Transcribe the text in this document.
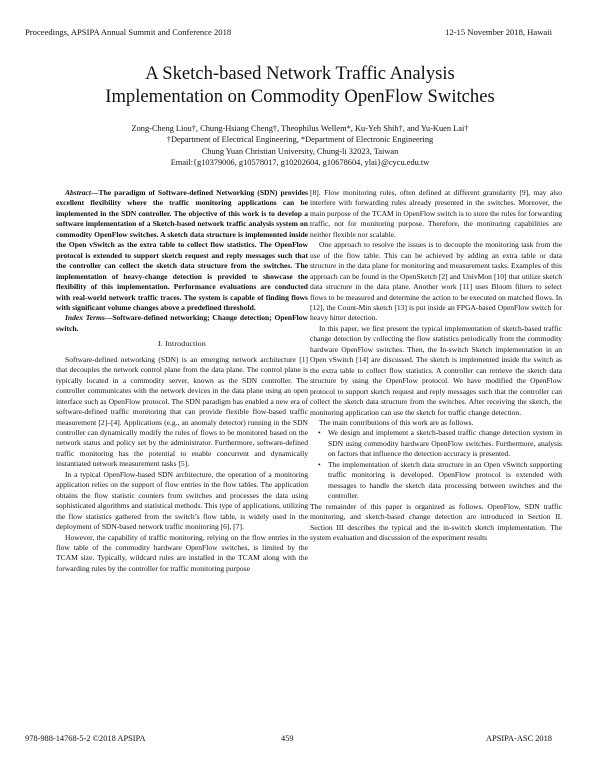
Proceedings, APSIPA Annual Summit and Conference 2018	12-15 November 2018, Hawaii
A Sketch-based Network Traffic Analysis
Implementation on Commodity OpenFlow Switches
Zong-Cheng Liou†, Chung-Hsiang Cheng†, Theophilus Wellem*, Ku-Yeh Shih†, and Yu-Kuen Lai†
†Department of Electrical Engineering, *Department of Electronic Engineering
Chung Yuan Christian University, Chung-li 32023, Taiwan
Email:{g10379006, g10578017, g10202604, g10678604, ylai}@cycu.edu.tw

Abstract—The paradigm of Software-defined Networking (SDN) provides excellent flexibility where the traffic monitoring applications can be implemented in the SDN controller. The objective of this work is to develop a software implementation of a Sketch-based network traffic analysis system on commodity OpenFlow switches. A sketch data structure is implemented inside the Open vSwitch as the extra table to collect flow statistics. The OpenFlow protocol is extended to support sketch request and reply messages such that the controller can collect the sketch data structure from the switches. The implementation of heavy-change detection is provided to showcase the flexibility of this implementation. Performance evaluations are conducted with real-world network traffic traces. The system is capable of finding flows with significant volume changes above a predefined threshold.

Index Terms—Software-defined networking; Change detection; OpenFlow switch.

I. Introduction

Software-defined networking (SDN) is an emerging network architecture [1] that decouples the network control plane from the data plane. The control plane is typically located in a commodity server, known as the SDN controller. The controller communicates with the network devices in the data plane using an open interface such as OpenFlow protocol. The SDN paradigm has enabled a new era of software-defined traffic monitoring that can provide flexible flow-based traffic measurement [2]–[4]. Applications (e.g., an anomaly detector) running in the SDN controller can dynamically modify the rules of flows to be monitored based on the network status and policy set by the administrator. Furthermore, software-defined traffic monitoring has the potential to enable concurrent and dynamically instantiated network measurement tasks [5].

In a typical OpenFlow-based SDN architecture, the operation of a monitoring application relies on the support of flow entries in the flow tables. The application obtains the flow statistic counters from switches and processes the data using sophisticated algorithms and statistical methods. This type of applications, utilizing the flow statistics gathered from the switch’s flow table, is widely used in the deployment of SDN-based network traffic monitoring [6], [7].

However, the capability of traffic monitoring, relying on the flow entries in the flow table of the commodity hardware OpenFlow switches, is limited by the TCAM size. Typically, wildcard rules are installed in the TCAM along with the forwarding rules by the controller for traffic monitoring purpose

[8]. Flow monitoring rules, often defined at different granularity [9], may also interfere with forwarding rules already presented in the switches. Moreover, the main purpose of the TCAM in OpenFlow switch is to store the rules for forwarding traffic, not for monitoring purpose. Therefore, the monitoring capabilities are neither flexible nor scalable.

One approach to resolve the issues is to decouple the monitoring task from the use of the flow table. This can be achieved by adding an extra table or data structure in the data plane for monitoring and measurement tasks. Examples of this approach can be found in the OpenSketch [2] and UnivMon [10] that utilize sketch data structure in the data plane. Another work [11] uses Bloom filters to select flows to be measured and determine the action to be executed on matched flows. In [12], the Count-Min sketch [13] is put inside an FPGA-based OpenFlow switch for heavy hitter detection.

In this paper, we first present the typical implementation of sketch-based traffic change detection by collecting the flow statistics periodically from the commodity hardware OpenFlow switches. Then, the In-switch Sketch implementation in an Open vSwitch [14] are discussed. The sketch is implemented inside the switch as the extra table to collect flow statistics. A controller can retrieve the sketch data structure by using the OpenFlow protocol. We have modified the OpenFlow protocol to support sketch request and reply messages such that the controller can collect the sketch data structure from the switches. After receiving the sketch, the monitoring application can use the sketch for traffic change detection.

The main contributions of this work are as follows.

• We design and implement a sketch-based traffic change detection system in SDN using commodity hardware OpenFlow switches. Furthermore, analysis on factors that influence the detection accuracy is presented.
• The implementation of sketch data structure in an Open vSwitch supporting traffic monitoring is developed. OpenFlow protocol is extended with messages to handle the sketch data processing between switches and the controller.

The remainder of this paper is organized as follows. OpenFlow, SDN traffic monitoring, and sketch-based change detection are introduced in Section II. Section III describes the typical and the in-switch sketch implementation. The system evaluation and discussion of the experiment results

978-988-14768-5-2 ©2018 APSIPA	459	APSIPA-ASC 2018
